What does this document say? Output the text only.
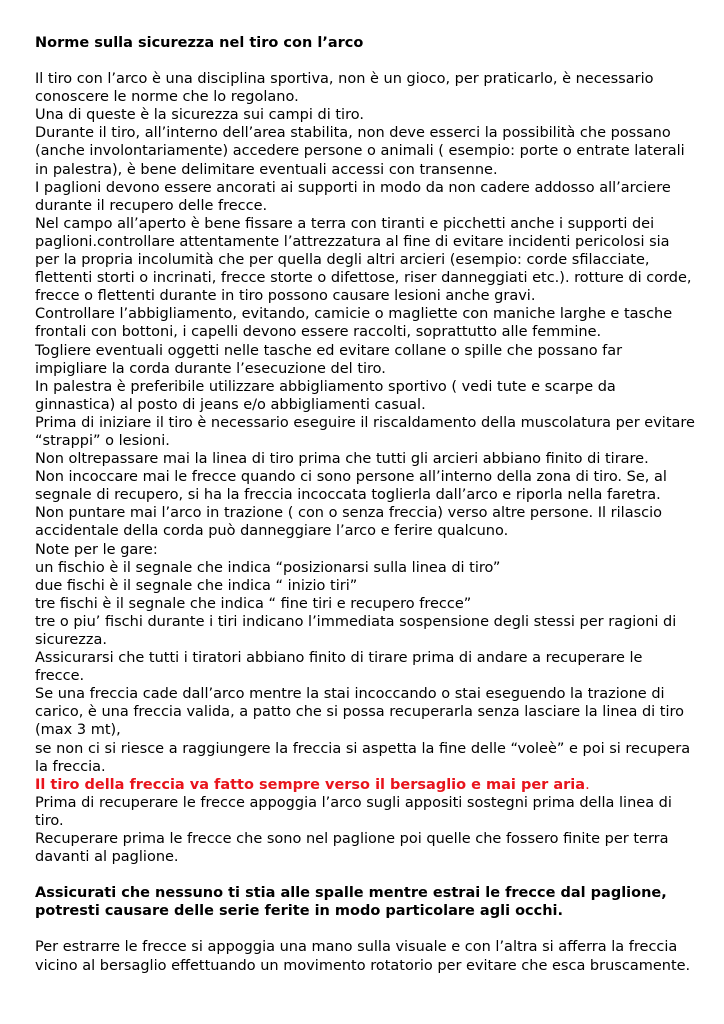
Norme sulla sicurezza nel tiro con l’arco

Il tiro con l’arco è una disciplina sportiva, non è un gioco, per praticarlo, è necessario conoscere le norme che lo regolano.

Una di queste è la sicurezza sui campi di tiro.

Durante il tiro, all’interno dell’area stabilita, non deve esserci la possibilità che possano (anche involontariamente) accedere persone o animali ( esempio: porte o entrate laterali in palestra), è bene delimitare eventuali accessi con transenne.

I paglioni devono essere ancorati ai supporti in modo da non cadere addosso all’arciere durante il recupero delle frecce.

Nel campo all’aperto è bene fissare a terra con tiranti e picchetti anche i supporti dei paglioni.controllare attentamente l’attrezzatura al fine di evitare incidenti pericolosi sia per la propria incolumità che per quella degli altri arcieri (esempio: corde sfilacciate, flettenti storti o incrinati, frecce storte o difettose, riser danneggiati etc.). rotture di corde, frecce o flettenti durante in tiro possono causare lesioni anche gravi.

Controllare l’abbigliamento, evitando, camicie o magliette con maniche larghe e tasche frontali con bottoni, i capelli devono essere raccolti, soprattutto alle femmine.

Togliere eventuali oggetti nelle tasche ed evitare collane o spille che possano far impigliare la corda durante l’esecuzione del tiro.

In palestra è preferibile utilizzare abbigliamento sportivo ( vedi tute e scarpe da ginnastica) al posto di jeans e/o abbigliamenti casual.

Prima di iniziare il tiro è necessario eseguire il riscaldamento della muscolatura per evitare “strappi” o lesioni.

Non oltrepassare mai la linea di tiro prima che tutti gli arcieri abbiano finito di tirare.

Non incoccare mai le frecce quando ci sono persone all’interno della zona di tiro. Se, al segnale di recupero, si ha la freccia incoccata toglierla dall’arco e riporla nella faretra.

Non puntare mai l’arco in trazione ( con o senza freccia) verso altre persone. Il rilascio accidentale della corda può danneggiare l’arco e ferire qualcuno.

Note per le gare:

un fischio è il segnale che indica “posizionarsi sulla linea di tiro”

due fischi è il segnale che indica “ inizio tiri”

tre fischi è il segnale che indica “ fine tiri e recupero frecce”

tre o piu’ fischi durante i tiri indicano l’immediata sospensione degli stessi per ragioni di sicurezza.

Assicurarsi che tutti i tiratori abbiano finito di tirare prima di andare a recuperare le frecce.

Se una freccia cade dall’arco mentre la stai incoccando o stai eseguendo la trazione di carico, è una freccia valida, a patto che si possa recuperarla senza lasciare la linea di tiro (max 3 mt),

se non ci si riesce a raggiungere la freccia si aspetta la fine delle “voleè” e poi si recupera la freccia.

Il tiro della freccia va fatto sempre verso il bersaglio e mai per aria.

Prima di recuperare le frecce appoggia l’arco sugli appositi sostegni prima della linea di tiro.

Recuperare prima le frecce che sono nel paglione poi quelle che fossero finite per terra davanti al paglione.

Assicurati che nessuno ti stia alle spalle mentre estrai le frecce dal paglione, potresti causare delle serie ferite in modo particolare agli occhi.

Per estrarre le frecce si appoggia una mano sulla visuale e con l’altra si afferra la freccia vicino al bersaglio effettuando un movimento rotatorio per evitare che esca bruscamente.
